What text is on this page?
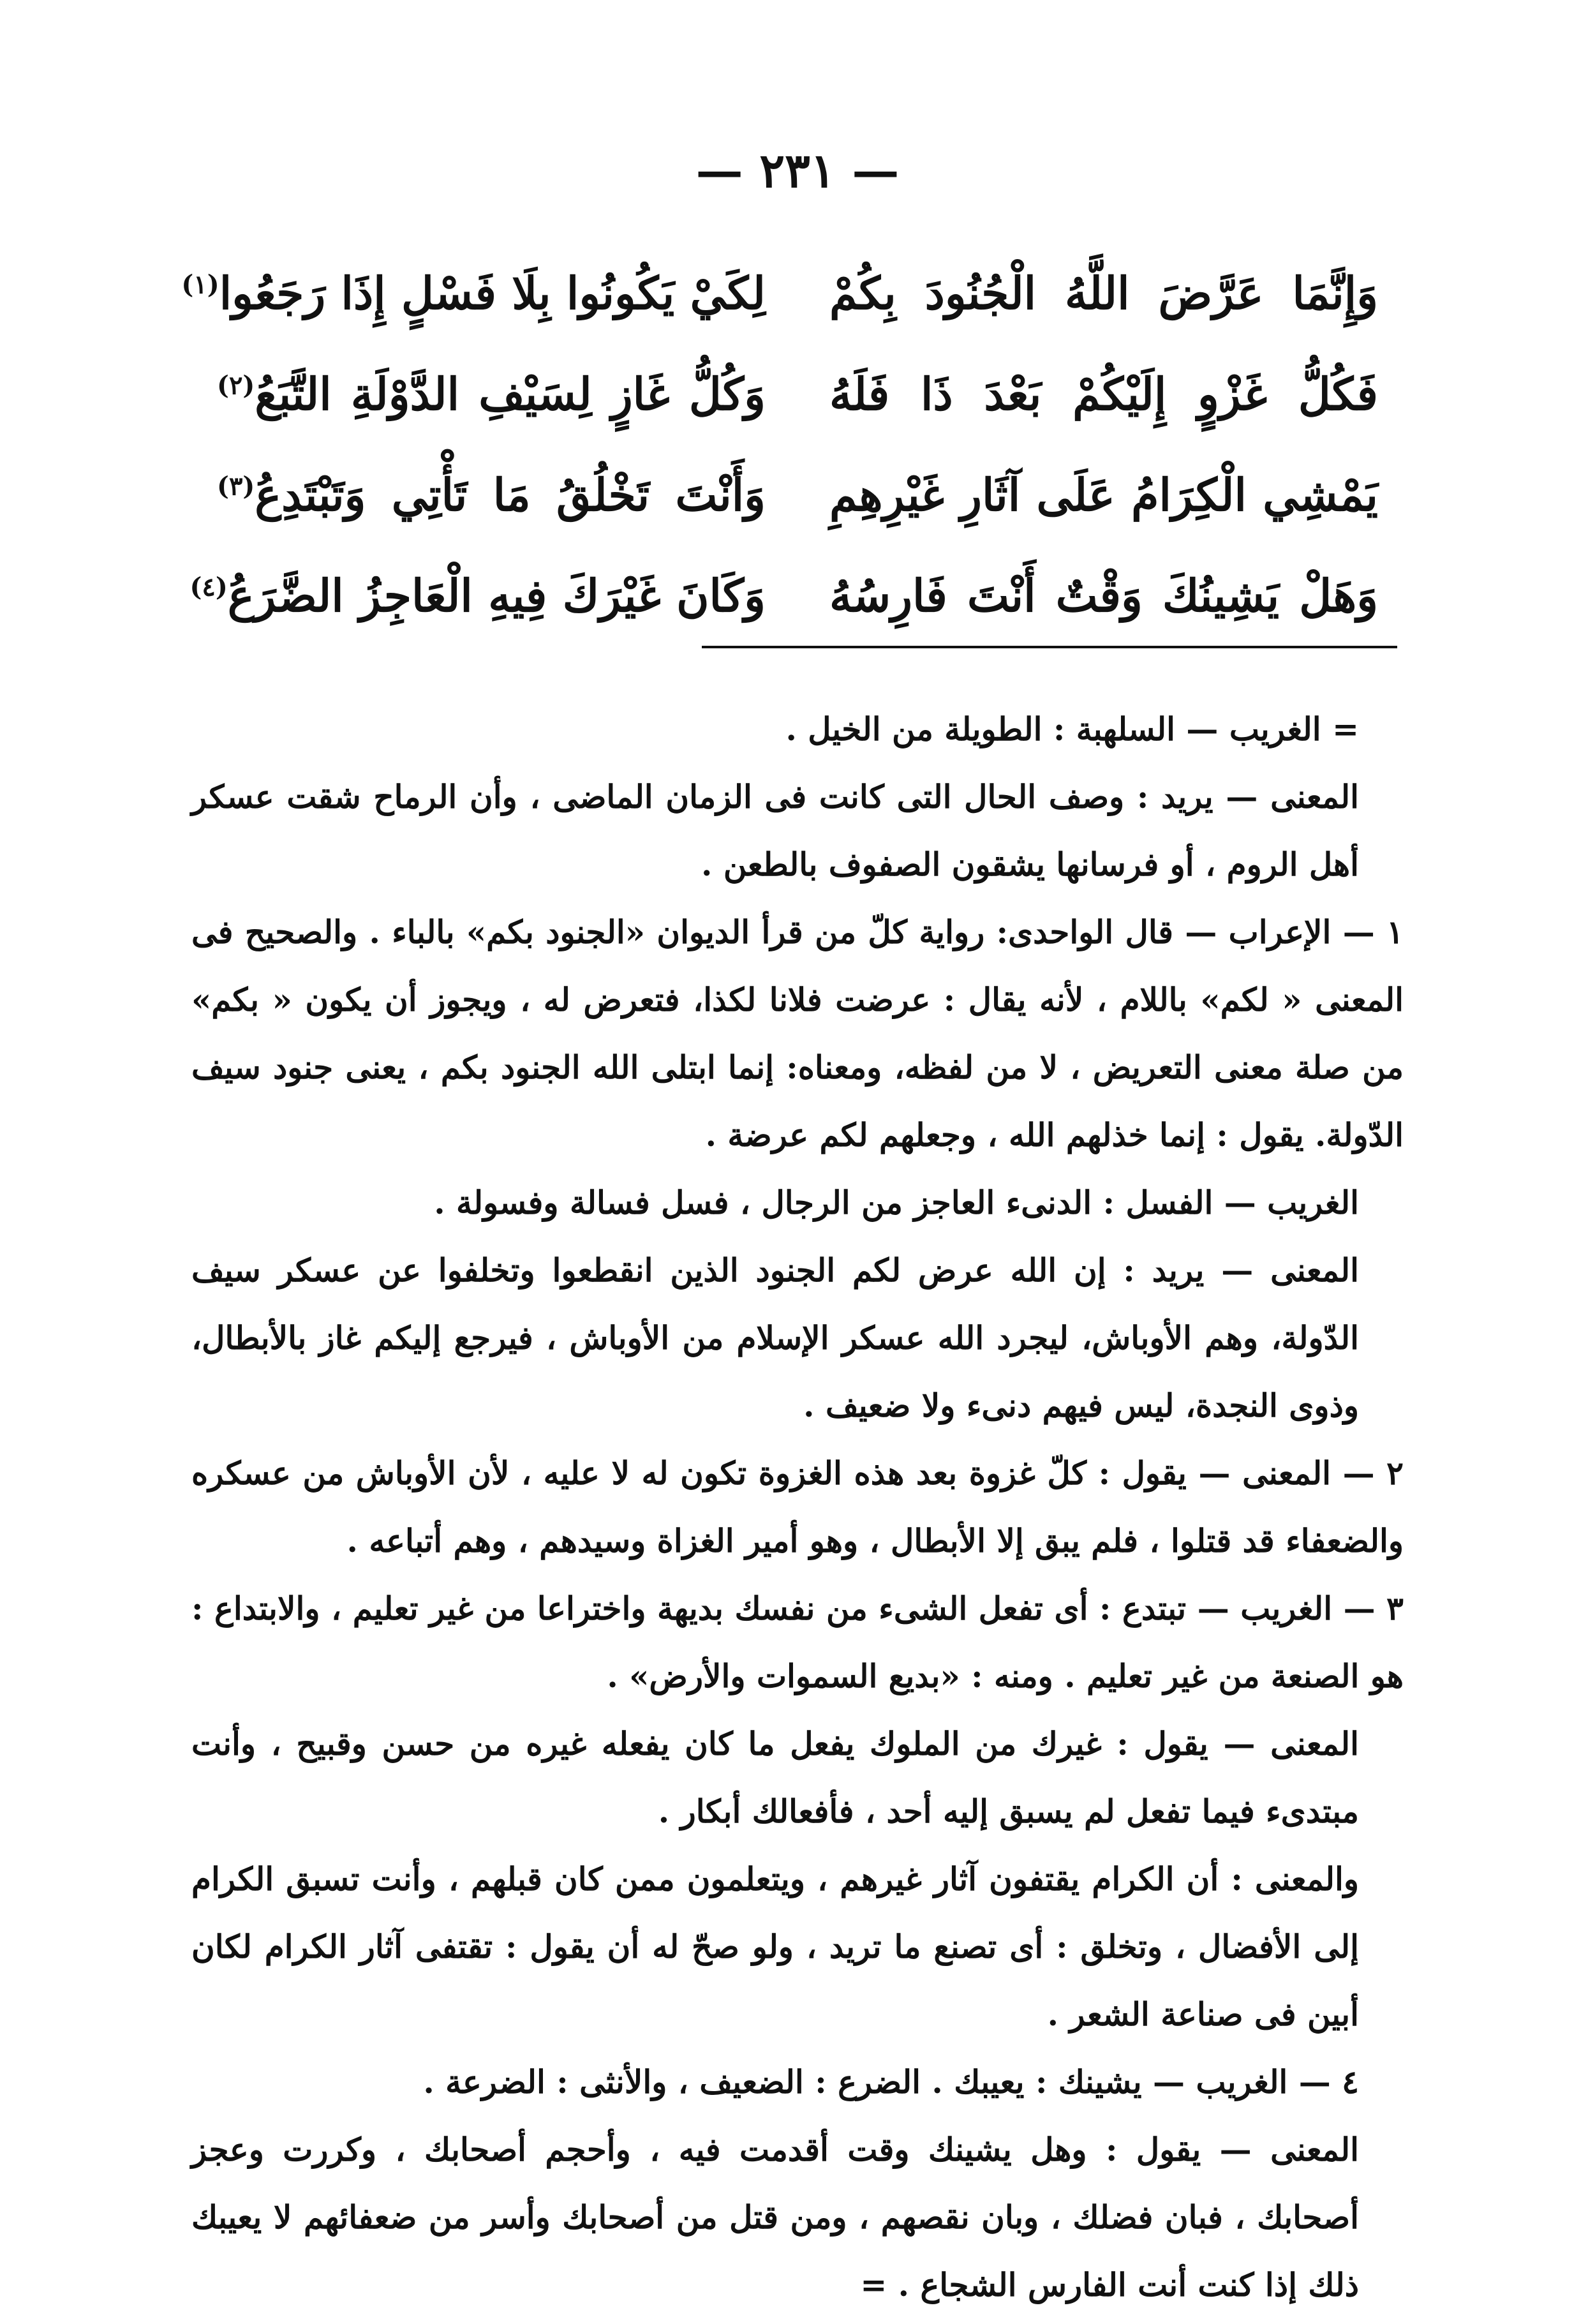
— ٢٣١ —
وَإِنَّمَا عَرَّضَ اللَّهُ الْجُنُودَ بِكُمْ
لِكَيْ يَكُونُوا بِلَا فَسْلٍ إِذَا رَجَعُوا$^{(١)}$
فَكُلُّ غَزْوٍ إِلَيْكُمْ بَعْدَ ذَا فَلَهُ
وَكُلُّ غَازٍ لِسَيْفِ الدَّوْلَةِ التَّبَعُ$^{(٢)}$
يَمْشِي الْكِرَامُ عَلَى آثَارِ غَيْرِهِمِ
وَأَنْتَ تَخْلُقُ مَا تَأْتِي وَتَبْتَدِعُ$^{(٣)}$
وَهَلْ يَشِينُكَ وَقْتٌ أَنْتَ فَارِسُهُ
وَكَانَ غَيْرَكَ فِيهِ الْعَاجِزُ الضَّرَعُ$^{(٤)}$

= الغريب — السلهبة : الطويلة من الخيل .

المعنى — يريد : وصف الحال التى كانت فى الزمان الماضى ، وأن الرماح شقت عسكر أهل الروم ، أو فرسانها يشقون الصفوف بالطعن .

١ — الإعراب — قال الواحدى: رواية كلّ من قرأ الديوان «الجنود بكم» بالباء . والصحيح فى المعنى « لكم» باللام ، لأنه يقال : عرضت فلانا لكذا، فتعرض له ، ويجوز أن يكون « بكم» من صلة معنى التعريض ، لا من لفظه، ومعناه: إنما ابتلى الله الجنود بكم ، يعنى جنود سيف الدّولة. يقول : إنما خذلهم الله ، وجعلهم لكم عرضة .

الغريب — الفسل : الدنىء العاجز من الرجال ، فسل فسالة وفسولة .

المعنى — يريد : إن الله عرض لكم الجنود الذين انقطعوا وتخلفوا عن عسكر سيف الدّولة، وهم الأوباش، ليجرد الله عسكر الإسلام من الأوباش ، فيرجع إليكم غاز بالأبطال، وذوى النجدة، ليس فيهم دنىء ولا ضعيف .

٢ — المعنى — يقول : كلّ غزوة بعد هذه الغزوة تكون له لا عليه ، لأن الأوباش من عسكره والضعفاء قد قتلوا ، فلم يبق إلا الأبطال ، وهو أمير الغزاة وسيدهم ، وهم أتباعه .

٣ — الغريب — تبتدع : أى تفعل الشىء من نفسك بديهة واختراعا من غير تعليم ، والابتداع : هو الصنعة من غير تعليم . ومنه : «بديع السموات والأرض» .

المعنى — يقول : غيرك من الملوك يفعل ما كان يفعله غيره من حسن وقبيح ، وأنت مبتدىء فيما تفعل لم يسبق إليه أحد ، فأفعالك أبكار .

والمعنى : أن الكرام يقتفون آثار غيرهم ، ويتعلمون ممن كان قبلهم ، وأنت تسبق الكرام إلى الأفضال ، وتخلق : أى تصنع ما تريد ، ولو صحّ له أن يقول : تقتفى آثار الكرام لكان أبين فى صناعة الشعر .

٤ — الغريب — يشينك : يعيبك . الضرع : الضعيف ، والأنثى : الضرعة .

المعنى — يقول : وهل يشينك وقت أقدمت فيه ، وأحجم أصحابك ، وكررت وعجز أصحابك ، فبان فضلك ، وبان نقصهم ، ومن قتل من أصحابك وأسر من ضعفائهم لا يعيبك ذلك إذا كنت أنت الفارس الشجاع . =
